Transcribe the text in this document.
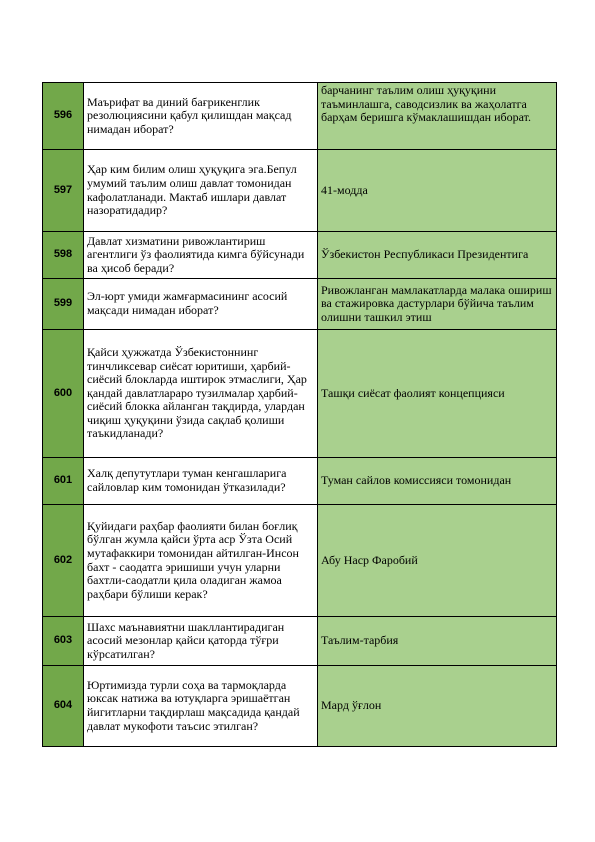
596	Маърифат ва диний бағрикенглик резолюциясини қабул қилишдан мақсад нимадан иборат?	барчанинг таълим олиш ҳуқуқини таъминлашга, саводсизлик ва жаҳолатга барҳам беришга кўмаклашишдан иборат.
597	Ҳар ким билим олиш ҳуқуқига эга.Бепул умумий таълим олиш давлат томонидан кафолатланади. Мактаб ишлари давлат назоратидадир?	41-модда
598	Давлат хизматини ривожлантириш агентлиги ўз фаолиятида кимга бўйсунади ва ҳисоб беради?	Ўзбекистон Республикаси Президентига
599	Эл-юрт умиди жамғармасининг асосий мақсади нимадан иборат?	Ривожланган мамлакатларда малака ошириш ва стажировка дастурлари бўйича таълим олишни ташкил этиш
600	Қайси ҳужжатда Ўзбекистоннинг тинчликсевар сиёсат юритиши, ҳарбий-сиёсий блокларда иштирок этмаслиги, Ҳар қандай давлатлараро тузилмалар ҳарбий-сиёсий блокка айланган тақдирда, улардан чиқиш ҳуқуқини ўзида сақлаб қолиши таъкидланади?	Ташқи сиёсат фаолият концепцияси
601	Халқ депутутлари туман кенгашларига сайловлар ким томонидан ўтказилади?	Туман сайлов комиссияси томонидан
602	Қуйидаги раҳбар фаолияти билан боғлиқ бўлган жумла қайси ўрта аср Ўзта Осий мутафаккири томонидан айтилган-Инсон бахт - саодатга эришиши учун уларни бахтли-саодатли қила оладиган жамоа раҳбари бўлиши керак?	Абу Наср Фаробий
603	Шахс маънавиятни шакллантирадиган асосий мезонлар қайси қаторда тўғри кўрсатилган?	Таълим-тарбия
604	Юртимизда турли соҳа ва тармоқларда юксак натижа ва ютуқларга эришаётган йигитларни тақдирлаш мақсадида қандай давлат мукофоти таъсис этилган?	Мард ўғлон
